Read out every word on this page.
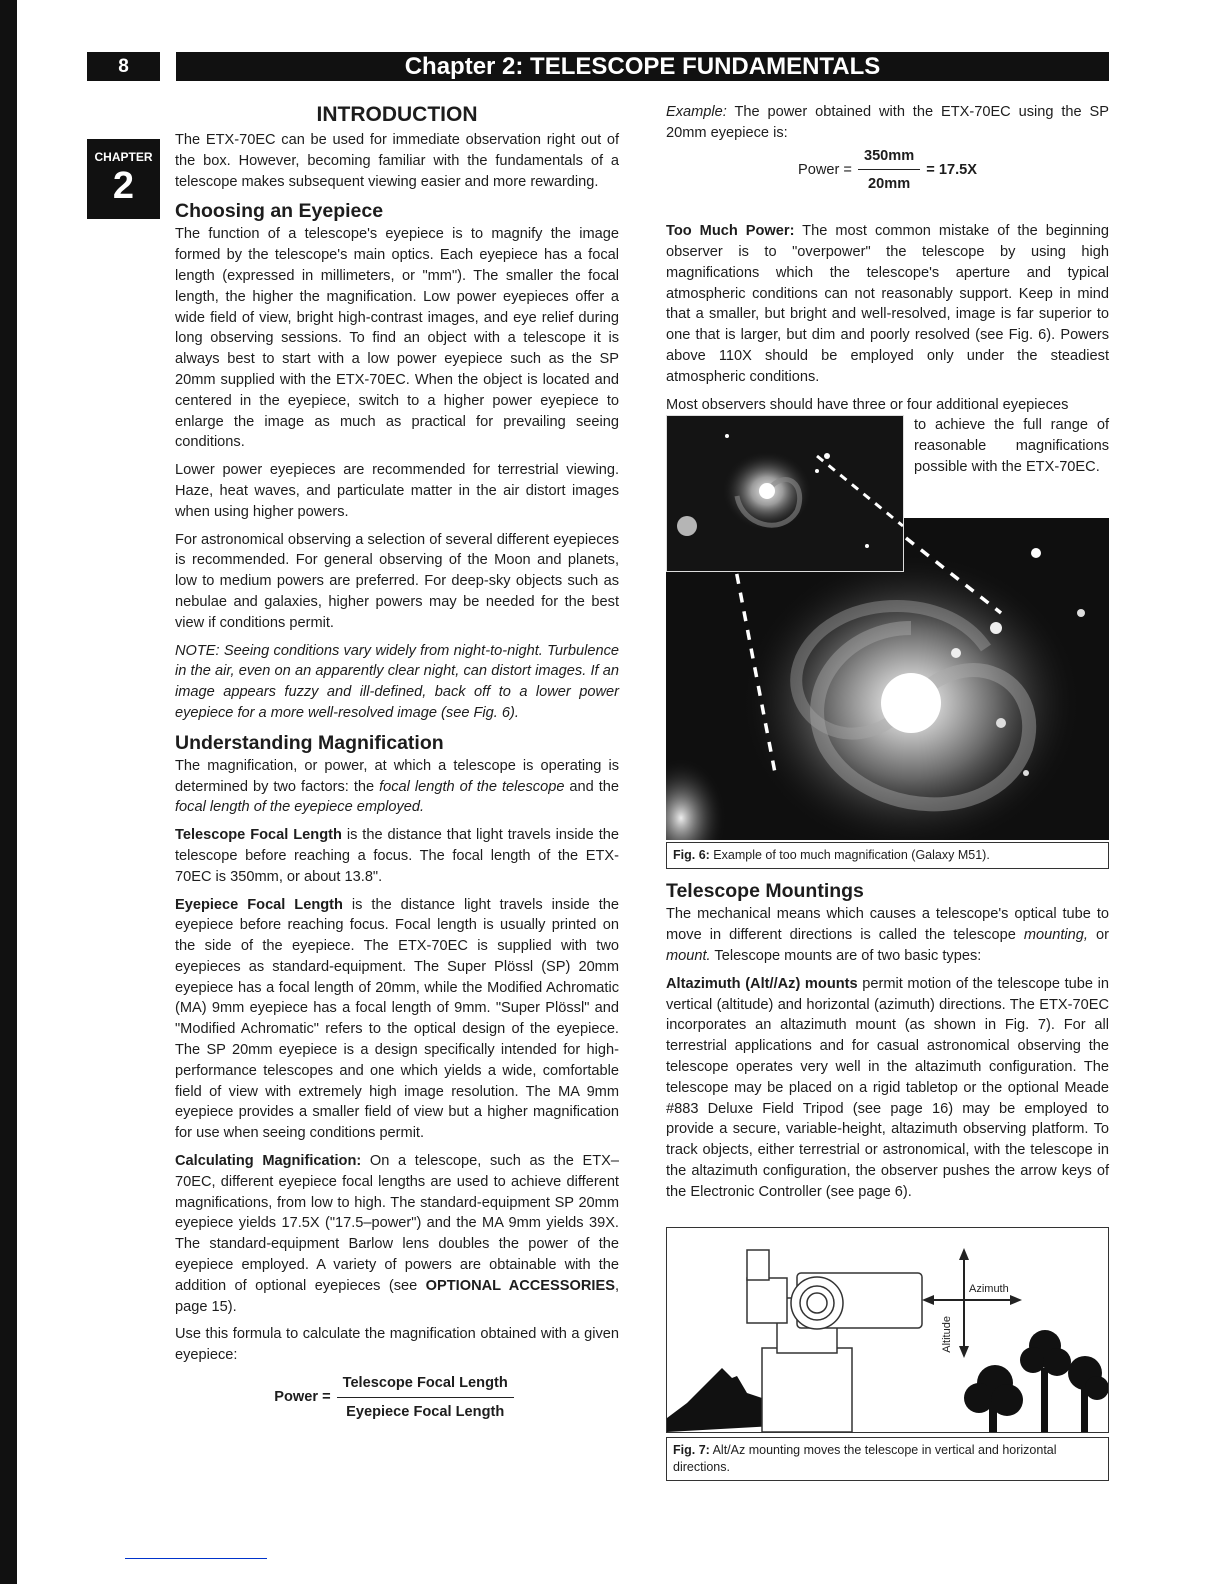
8	Chapter 2: TELESCOPE FUNDAMENTALS
CHAPTER
2
INTRODUCTION

The ETX-70EC can be used for immediate observation right out of the box. However, becoming familiar with the fundamentals of a telescope makes subsequent viewing easier and more rewarding.

Choosing an Eyepiece

The function of a telescope's eyepiece is to magnify the image formed by the telescope's main optics. Each eyepiece has a focal length (expressed in millimeters, or "mm"). The smaller the focal length, the higher the magnification. Low power eyepieces offer a wide field of view, bright high-contrast images, and eye relief during long observing sessions. To find an object with a telescope it is always best to start with a low power eyepiece such as the SP 20mm supplied with the ETX-70EC. When the object is located and centered in the eyepiece, switch to a higher power eyepiece to enlarge the image as much as practical for prevailing seeing conditions.

Lower power eyepieces are recommended for terrestrial viewing. Haze, heat waves, and particulate matter in the air distort images when using higher powers.

For astronomical observing a selection of several different eyepieces is recommended. For general observing of the Moon and planets, low to medium powers are preferred. For deep-sky objects such as nebulae and galaxies, higher powers may be needed for the best view if conditions permit.

NOTE: Seeing conditions vary widely from night-to-night. Turbulence in the air, even on an apparently clear night, can distort images. If an image appears fuzzy and ill-defined, back off to a lower power eyepiece for a more well-resolved image (see Fig. 6).

Understanding Magnification

The magnification, or power, at which a telescope is operating is determined by two factors: the focal length of the telescope and the focal length of the eyepiece employed.

Telescope Focal Length is the distance that light travels inside the telescope before reaching a focus. The focal length of the ETX-70EC is 350mm, or about 13.8".

Eyepiece Focal Length is the distance light travels inside the eyepiece before reaching focus. Focal length is usually printed on the side of the eyepiece. The ETX-70EC is supplied with two eyepieces as standard-equipment. The Super Plössl (SP) 20mm eyepiece has a focal length of 20mm, while the Modified Achromatic (MA) 9mm eyepiece has a focal length of 9mm. "Super Plössl" and "Modified Achromatic" refers to the optical design of the eyepiece. The SP 20mm eyepiece is a design specifically intended for high-performance telescopes and one which yields a wide, comfortable field of view with extremely high image resolution. The MA 9mm eyepiece provides a smaller field of view but a higher magnification for use when seeing conditions permit.

Calculating Magnification: On a telescope, such as the ETX–70EC, different eyepiece focal lengths are used to achieve different magnifications, from low to high. The standard-equipment SP 20mm eyepiece yields 17.5X ("17.5–power") and the MA 9mm yields 39X. The standard-equipment Barlow lens doubles the power of the eyepiece employed. A variety of powers are obtainable with the addition of optional eyepieces (see OPTIONAL ACCESSORIES, page 15).

Use this formula to calculate the magnification obtained with a given eyepiece:

Power = $\frac{\text{Telescope Focal Length}}{\text{Eyepiece Focal Length}}$

Example: The power obtained with the ETX-70EC using the SP 20mm eyepiece is:

Power = $\frac{350mm}{20mm} = 17.5X$

Too Much Power: The most common mistake of the beginning observer is to "overpower" the telescope by using high magnifications which the telescope's aperture and typical atmospheric conditions can not reasonably support. Keep in mind that a smaller, but bright and well-resolved, image is far superior to one that is larger, but dim and poorly resolved (see Fig. 6). Powers above 110X should be employed only under the steadiest atmospheric conditions.

Most observers should have three or four additional eyepieces

to achieve the full range of reasonable magnifications possible with the ETX-70EC.
Fig. 6: Example of too much magnification (Galaxy M51).
Telescope Mountings

The mechanical means which causes a telescope's optical tube to move in different directions is called the telescope mounting, or mount. Telescope mounts are of two basic types:

Altazimuth (Alt//Az) mounts permit motion of the telescope tube in vertical (altitude) and horizontal (azimuth) directions. The ETX-70EC incorporates an altazimuth mount (as shown in Fig. 7). For all terrestrial applications and for casual astronomical observing the telescope operates very well in the altazimuth configuration. The telescope may be placed on a rigid tabletop or the optional Meade #883 Deluxe Field Tripod (see page 16) may be employed to provide a secure, variable-height, altazimuth observing platform. To track objects, either terrestrial or astronomical, with the telescope in the altazimuth configuration, the observer pushes the arrow keys of the Electronic Controller (see page 6).

Azimuth
Altitude
Fig. 7: Alt/Az mounting moves the telescope in vertical and horizontal directions.
